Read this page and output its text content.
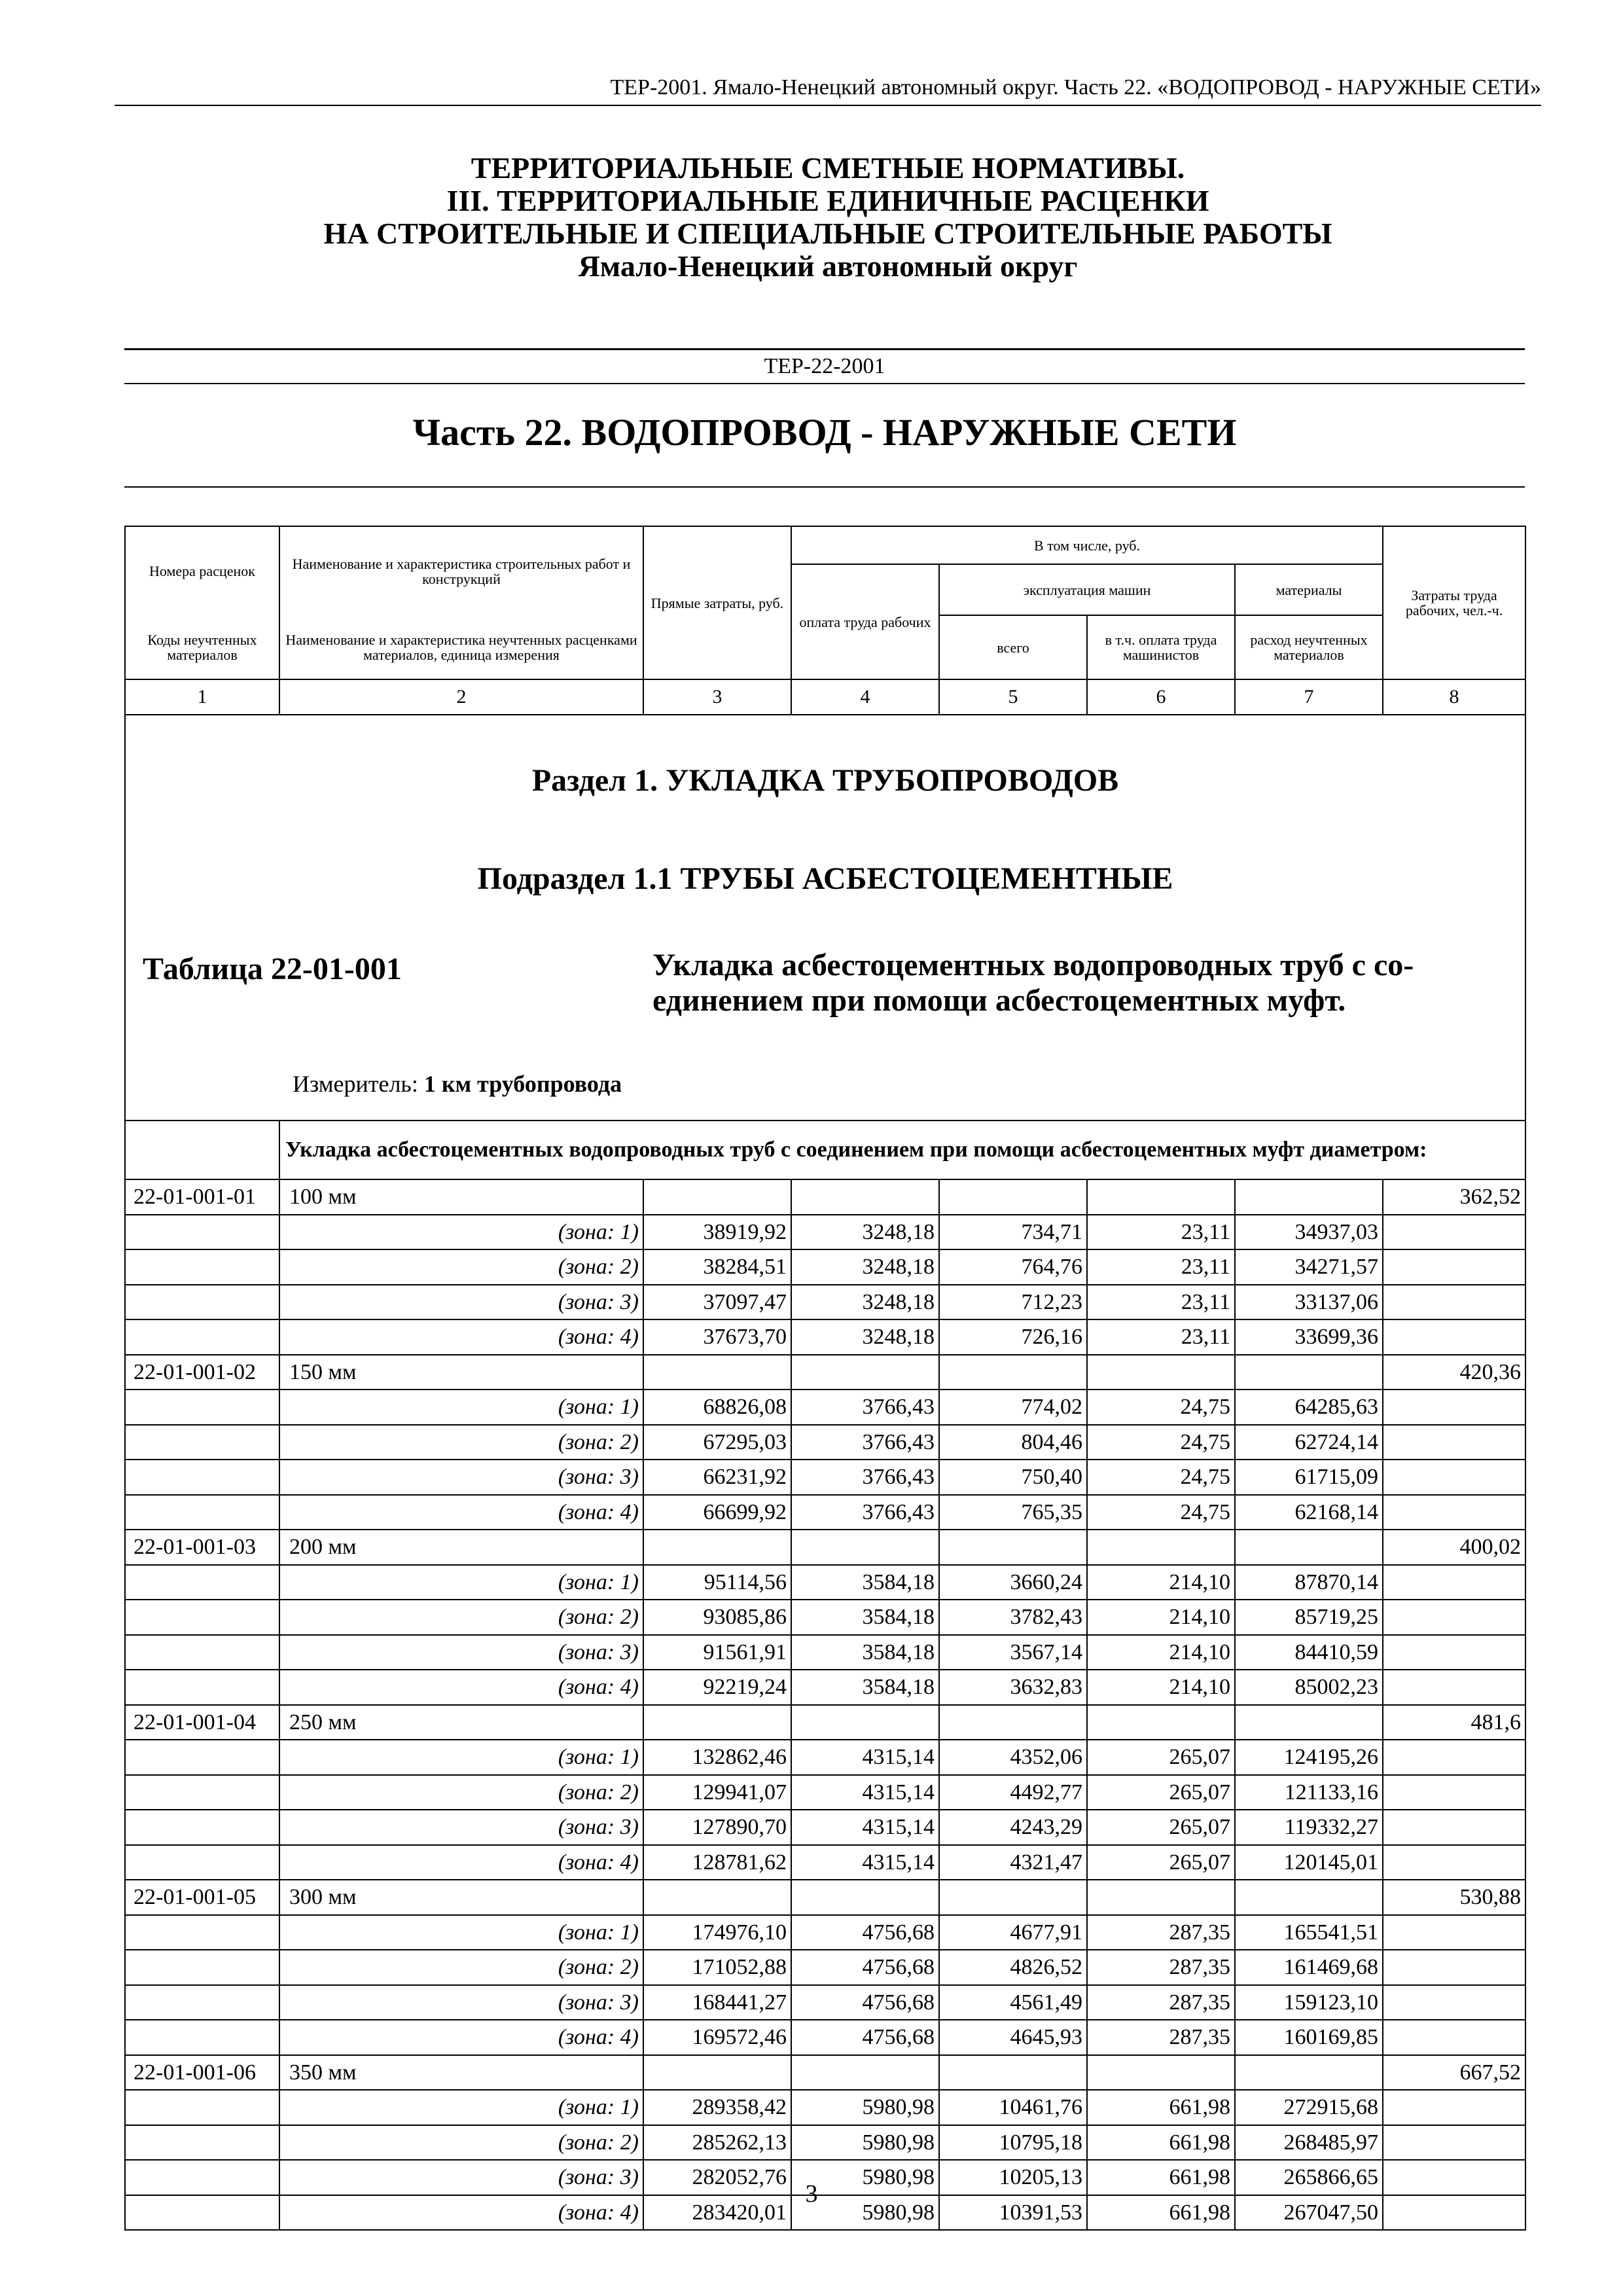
ТЕР-2001. Ямало-Ненецкий автономный округ. Часть 22. «ВОДОПРОВОД - НАРУЖНЫЕ СЕТИ»
ТЕРРИТОРИАЛЬНЫЕ СМЕТНЫЕ НОРМАТИВЫ.
III. ТЕРРИТОРИАЛЬНЫЕ ЕДИНИЧНЫЕ РАСЦЕНКИ
НА СТРОИТЕЛЬНЫЕ И СПЕЦИАЛЬНЫЕ СТРОИТЕЛЬНЫЕ РАБОТЫ
Ямало-Ненецкий автономный округ
ТЕР-22-2001
Часть 22. ВОДОПРОВОД - НАРУЖНЫЕ СЕТИ
Номера расценок	Наименование и характеристика строительных работ и конструкций	Прямые затраты, руб.	В том числе, руб.				Затраты труда рабочих, чел.-ч.
			оплата труда рабочих	эксплуатация машин		материалы	
Коды неучтенных материалов	Наименование и характеристика неучтенных расценками материалов, единица измерения			всего	в т.ч. оплата труда машинистов	расход неучтенных материалов	
1	2	3	4	5	6	7	8

Раздел 1. УКЛАДКА ТРУБОПРОВОДОВ
Подраздел 1.1 ТРУБЫ АСБЕСТОЦЕМЕНТНЫЕ
Таблица 22-01-001 Укладка асбестоцементных водопроводных труб с со-единением при помощи асбестоцементных муфт.
Измеритель: 1 км трубопровода							

	Укладка асбестоцементных водопроводных труб с соединением при помощи асбестоцементных муфт диаметром:						
22-01-001-01	100 мм						362,52
	(зона: 1)	38919,92	3248,18	734,71	23,11	34937,03	
	(зона: 2)	38284,51	3248,18	764,76	23,11	34271,57	
	(зона: 3)	37097,47	3248,18	712,23	23,11	33137,06	
	(зона: 4)	37673,70	3248,18	726,16	23,11	33699,36	
22-01-001-02	150 мм						420,36
	(зона: 1)	68826,08	3766,43	774,02	24,75	64285,63	
	(зона: 2)	67295,03	3766,43	804,46	24,75	62724,14	
	(зона: 3)	66231,92	3766,43	750,40	24,75	61715,09	
	(зона: 4)	66699,92	3766,43	765,35	24,75	62168,14	
22-01-001-03	200 мм						400,02
	(зона: 1)	95114,56	3584,18	3660,24	214,10	87870,14	
	(зона: 2)	93085,86	3584,18	3782,43	214,10	85719,25	
	(зона: 3)	91561,91	3584,18	3567,14	214,10	84410,59	
	(зона: 4)	92219,24	3584,18	3632,83	214,10	85002,23	
22-01-001-04	250 мм						481,6
	(зона: 1)	132862,46	4315,14	4352,06	265,07	124195,26	
	(зона: 2)	129941,07	4315,14	4492,77	265,07	121133,16	
	(зона: 3)	127890,70	4315,14	4243,29	265,07	119332,27	
	(зона: 4)	128781,62	4315,14	4321,47	265,07	120145,01	
22-01-001-05	300 мм						530,88
	(зона: 1)	174976,10	4756,68	4677,91	287,35	165541,51	
	(зона: 2)	171052,88	4756,68	4826,52	287,35	161469,68	
	(зона: 3)	168441,27	4756,68	4561,49	287,35	159123,10	
	(зона: 4)	169572,46	4756,68	4645,93	287,35	160169,85	
22-01-001-06	350 мм						667,52
	(зона: 1)	289358,42	5980,98	10461,76	661,98	272915,68	
	(зона: 2)	285262,13	5980,98	10795,18	661,98	268485,97	
	(зона: 3)	282052,76	5980,98	10205,13	661,98	265866,65	
	(зона: 4)	283420,01	5980,98	10391,53	661,98	267047,50	
3
